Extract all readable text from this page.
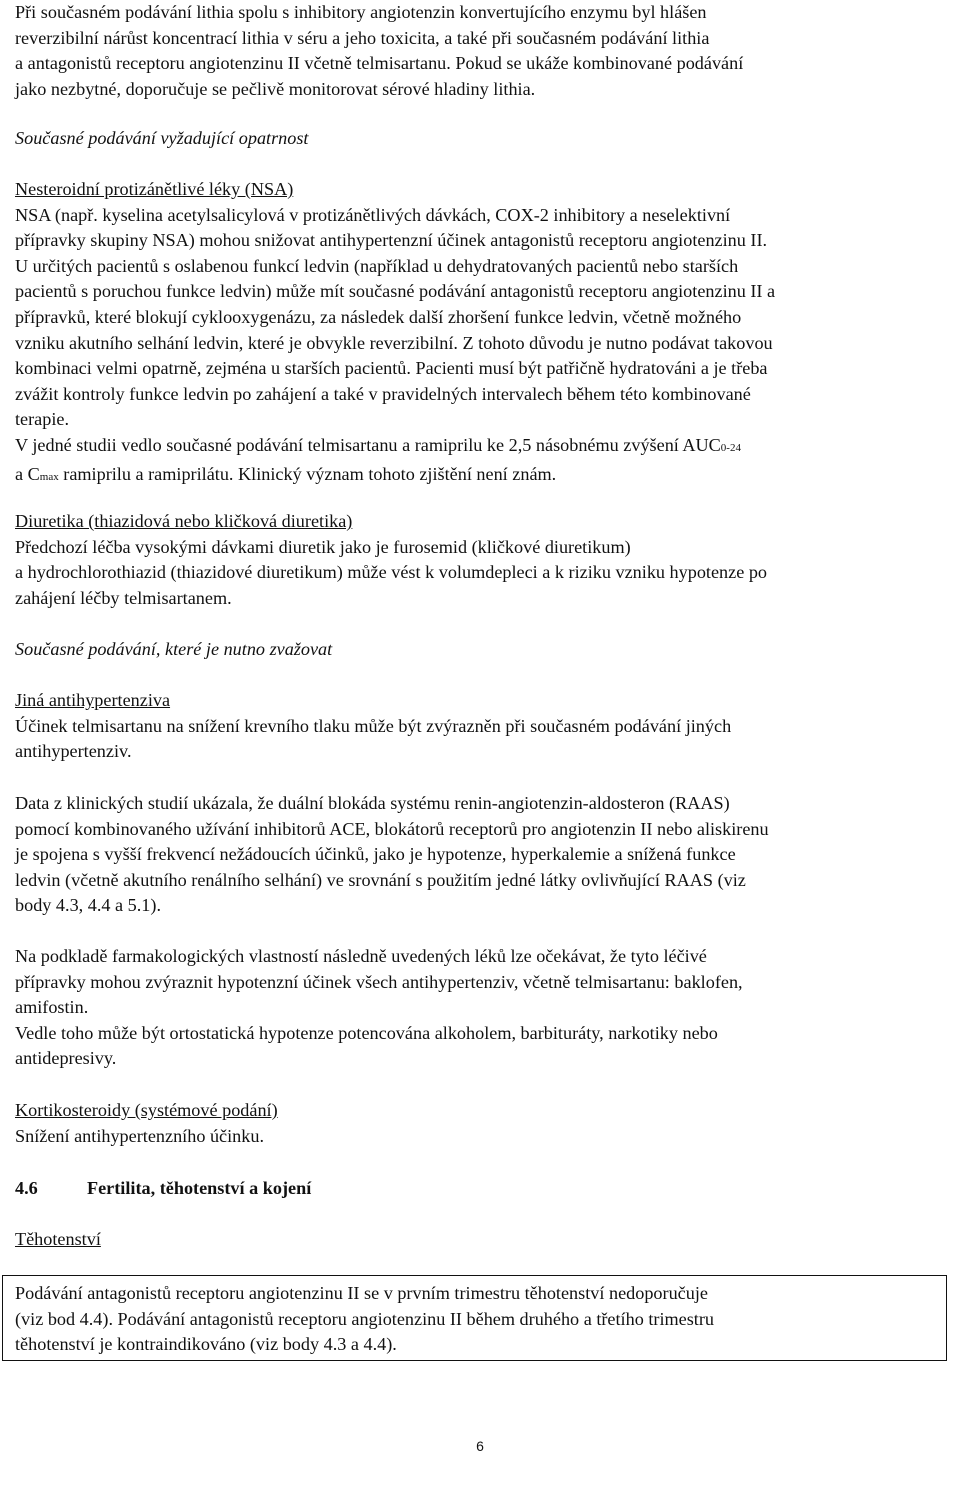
Při současném podávání lithia spolu s inhibitory angiotenzin konvertujícího enzymu byl hlášen
reverzibilní nárůst koncentrací lithia v séru a jeho toxicita, a také při současném podávání lithia
a antagonistů receptoru angiotenzinu II včetně telmisartanu. Pokud se ukáže kombinované podávání
jako nezbytné, doporučuje se pečlivě monitorovat sérové hladiny lithia.
Současné podávání vyžadující opatrnost
Nesteroidní protizánětlivé léky (NSA)
NSA (např. kyselina acetylsalicylová v protizánětlivých dávkách, COX-2 inhibitory a neselektivní
přípravky skupiny NSA) mohou snižovat antihypertenzní účinek antagonistů receptoru angiotenzinu II.
U určitých pacientů s oslabenou funkcí ledvin (například u dehydratovaných pacientů nebo starších
pacientů s poruchou funkce ledvin) může mít současné podávání antagonistů receptoru angiotenzinu II a
přípravků, které blokují cyklooxygenázu, za následek další zhoršení funkce ledvin, včetně možného
vzniku akutního selhání ledvin, které je obvykle reverzibilní. Z tohoto důvodu je nutno podávat takovou
kombinaci velmi opatrně, zejména u starších pacientů. Pacienti musí být patřičně hydratováni a je třeba
zvážit kontroly funkce ledvin po zahájení a také v pravidelných intervalech během této kombinované
terapie.
V jedné studii vedlo současné podávání telmisartanu a ramiprilu ke 2,5 násobnému zvýšení AUC0-24
a Cmax ramiprilu a ramiprilátu. Klinický význam tohoto zjištění není znám.
Diuretika (thiazidová nebo kličková diuretika)
Předchozí léčba vysokými dávkami diuretik jako je furosemid (kličkové diuretikum)
a hydrochlorothiazid (thiazidové diuretikum) může vést k volumdepleci a k riziku vzniku hypotenze po
zahájení léčby telmisartanem.
Současné podávání, které je nutno zvažovat
Jiná antihypertenziva
Účinek telmisartanu na snížení krevního tlaku může být zvýrazněn při současném podávání jiných
antihypertenziv.
Data z klinických studií ukázala, že duální blokáda systému renin-angiotenzin-aldosteron (RAAS)
pomocí kombinovaného užívání inhibitorů ACE, blokátorů receptorů pro angiotenzin II nebo aliskirenu
je spojena s vyšší frekvencí nežádoucích účinků, jako je hypotenze, hyperkalemie a snížená funkce
ledvin (včetně akutního renálního selhání) ve srovnání s použitím jedné látky ovlivňující RAAS (viz
body 4.3, 4.4 a 5.1).
Na podkladě farmakologických vlastností následně uvedených léků lze očekávat, že tyto léčivé
přípravky mohou zvýraznit hypotenzní účinek všech antihypertenziv, včetně telmisartanu: baklofen,
amifostin.
Vedle toho může být ortostatická hypotenze potencována alkoholem, barbituráty, narkotiky nebo
antidepresivy.
Kortikosteroidy (systémové podání)
Snížení antihypertenzního účinku.
4.6	Fertilita, těhotenství a kojení
Těhotenství
Podávání antagonistů receptoru angiotenzinu II se v prvním trimestru těhotenství nedoporučuje
(viz bod 4.4). Podávání antagonistů receptoru angiotenzinu II během druhého a třetího trimestru
těhotenství je kontraindikováno (viz body 4.3 a 4.4).
6
